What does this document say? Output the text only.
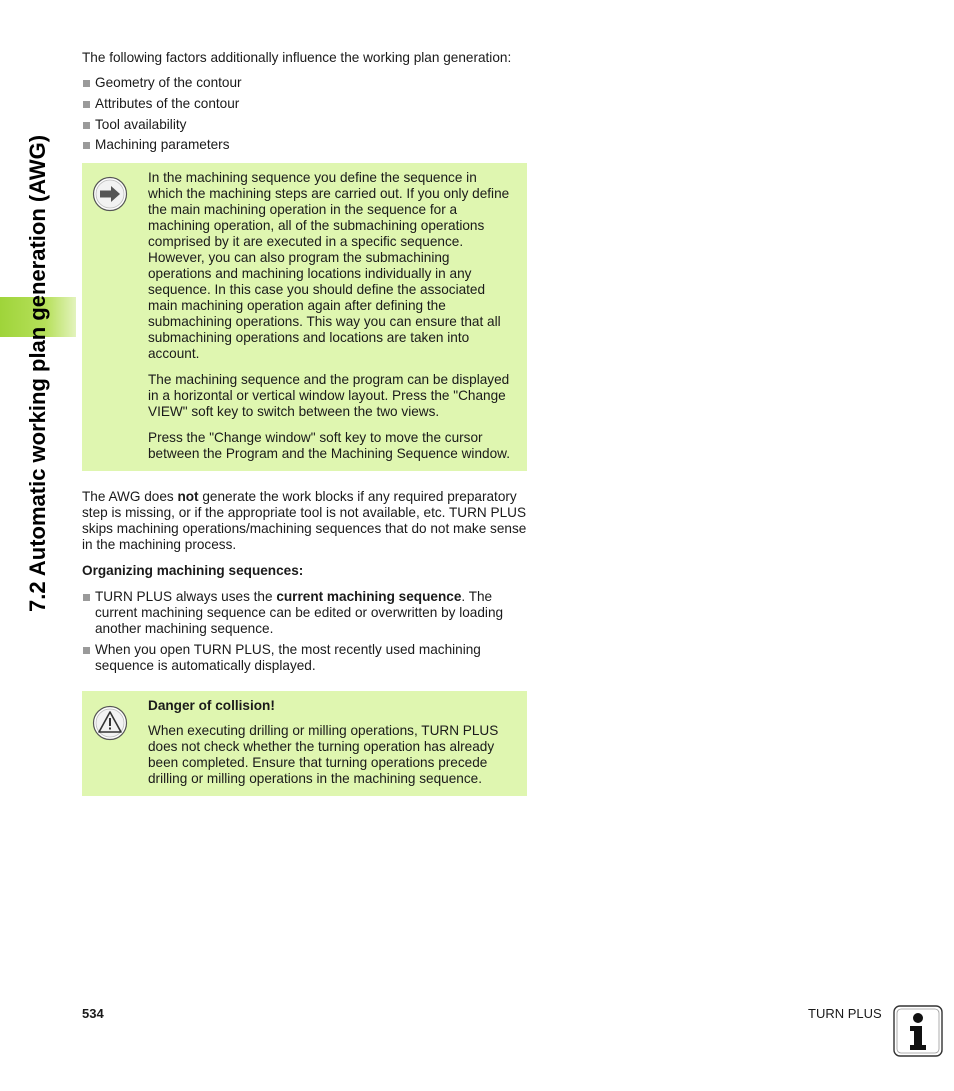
7.2 Automatic working plan generation (AWG)

The following factors additionally influence the working plan generation:

Geometry of the contour
Attributes of the contour
Tool availability
Machining parameters

In the machining sequence you define the sequence in which the machining steps are carried out. If you only define the main machining operation in the sequence for a machining operation, all of the submachining operations comprised by it are executed in a specific sequence. However, you can also program the submachining operations and machining locations individually in any sequence. In this case you should define the associated main machining operation again after defining the submachining operations. This way you can ensure that all submachining operations and locations are taken into account.

The machining sequence and the program can be displayed in a horizontal or vertical window layout. Press the "Change VIEW" soft key to switch between the two views.

Press the "Change window" soft key to move the cursor between the Program and the Machining Sequence window.

The AWG does not generate the work blocks if any required preparatory step is missing, or if the appropriate tool is not available, etc. TURN PLUS skips machining operations/machining sequences that do not make sense in the machining process.

Organizing machining sequences:

TURN PLUS always uses the current machining sequence. The current machining sequence can be edited or overwritten by loading another machining sequence.
When you open TURN PLUS, the most recently used machining sequence is automatically displayed.

Danger of collision!

When executing drilling or milling operations, TURN PLUS does not check whether the turning operation has already been completed. Ensure that turning operations precede drilling or milling operations in the machining sequence.

534	TURN PLUS
